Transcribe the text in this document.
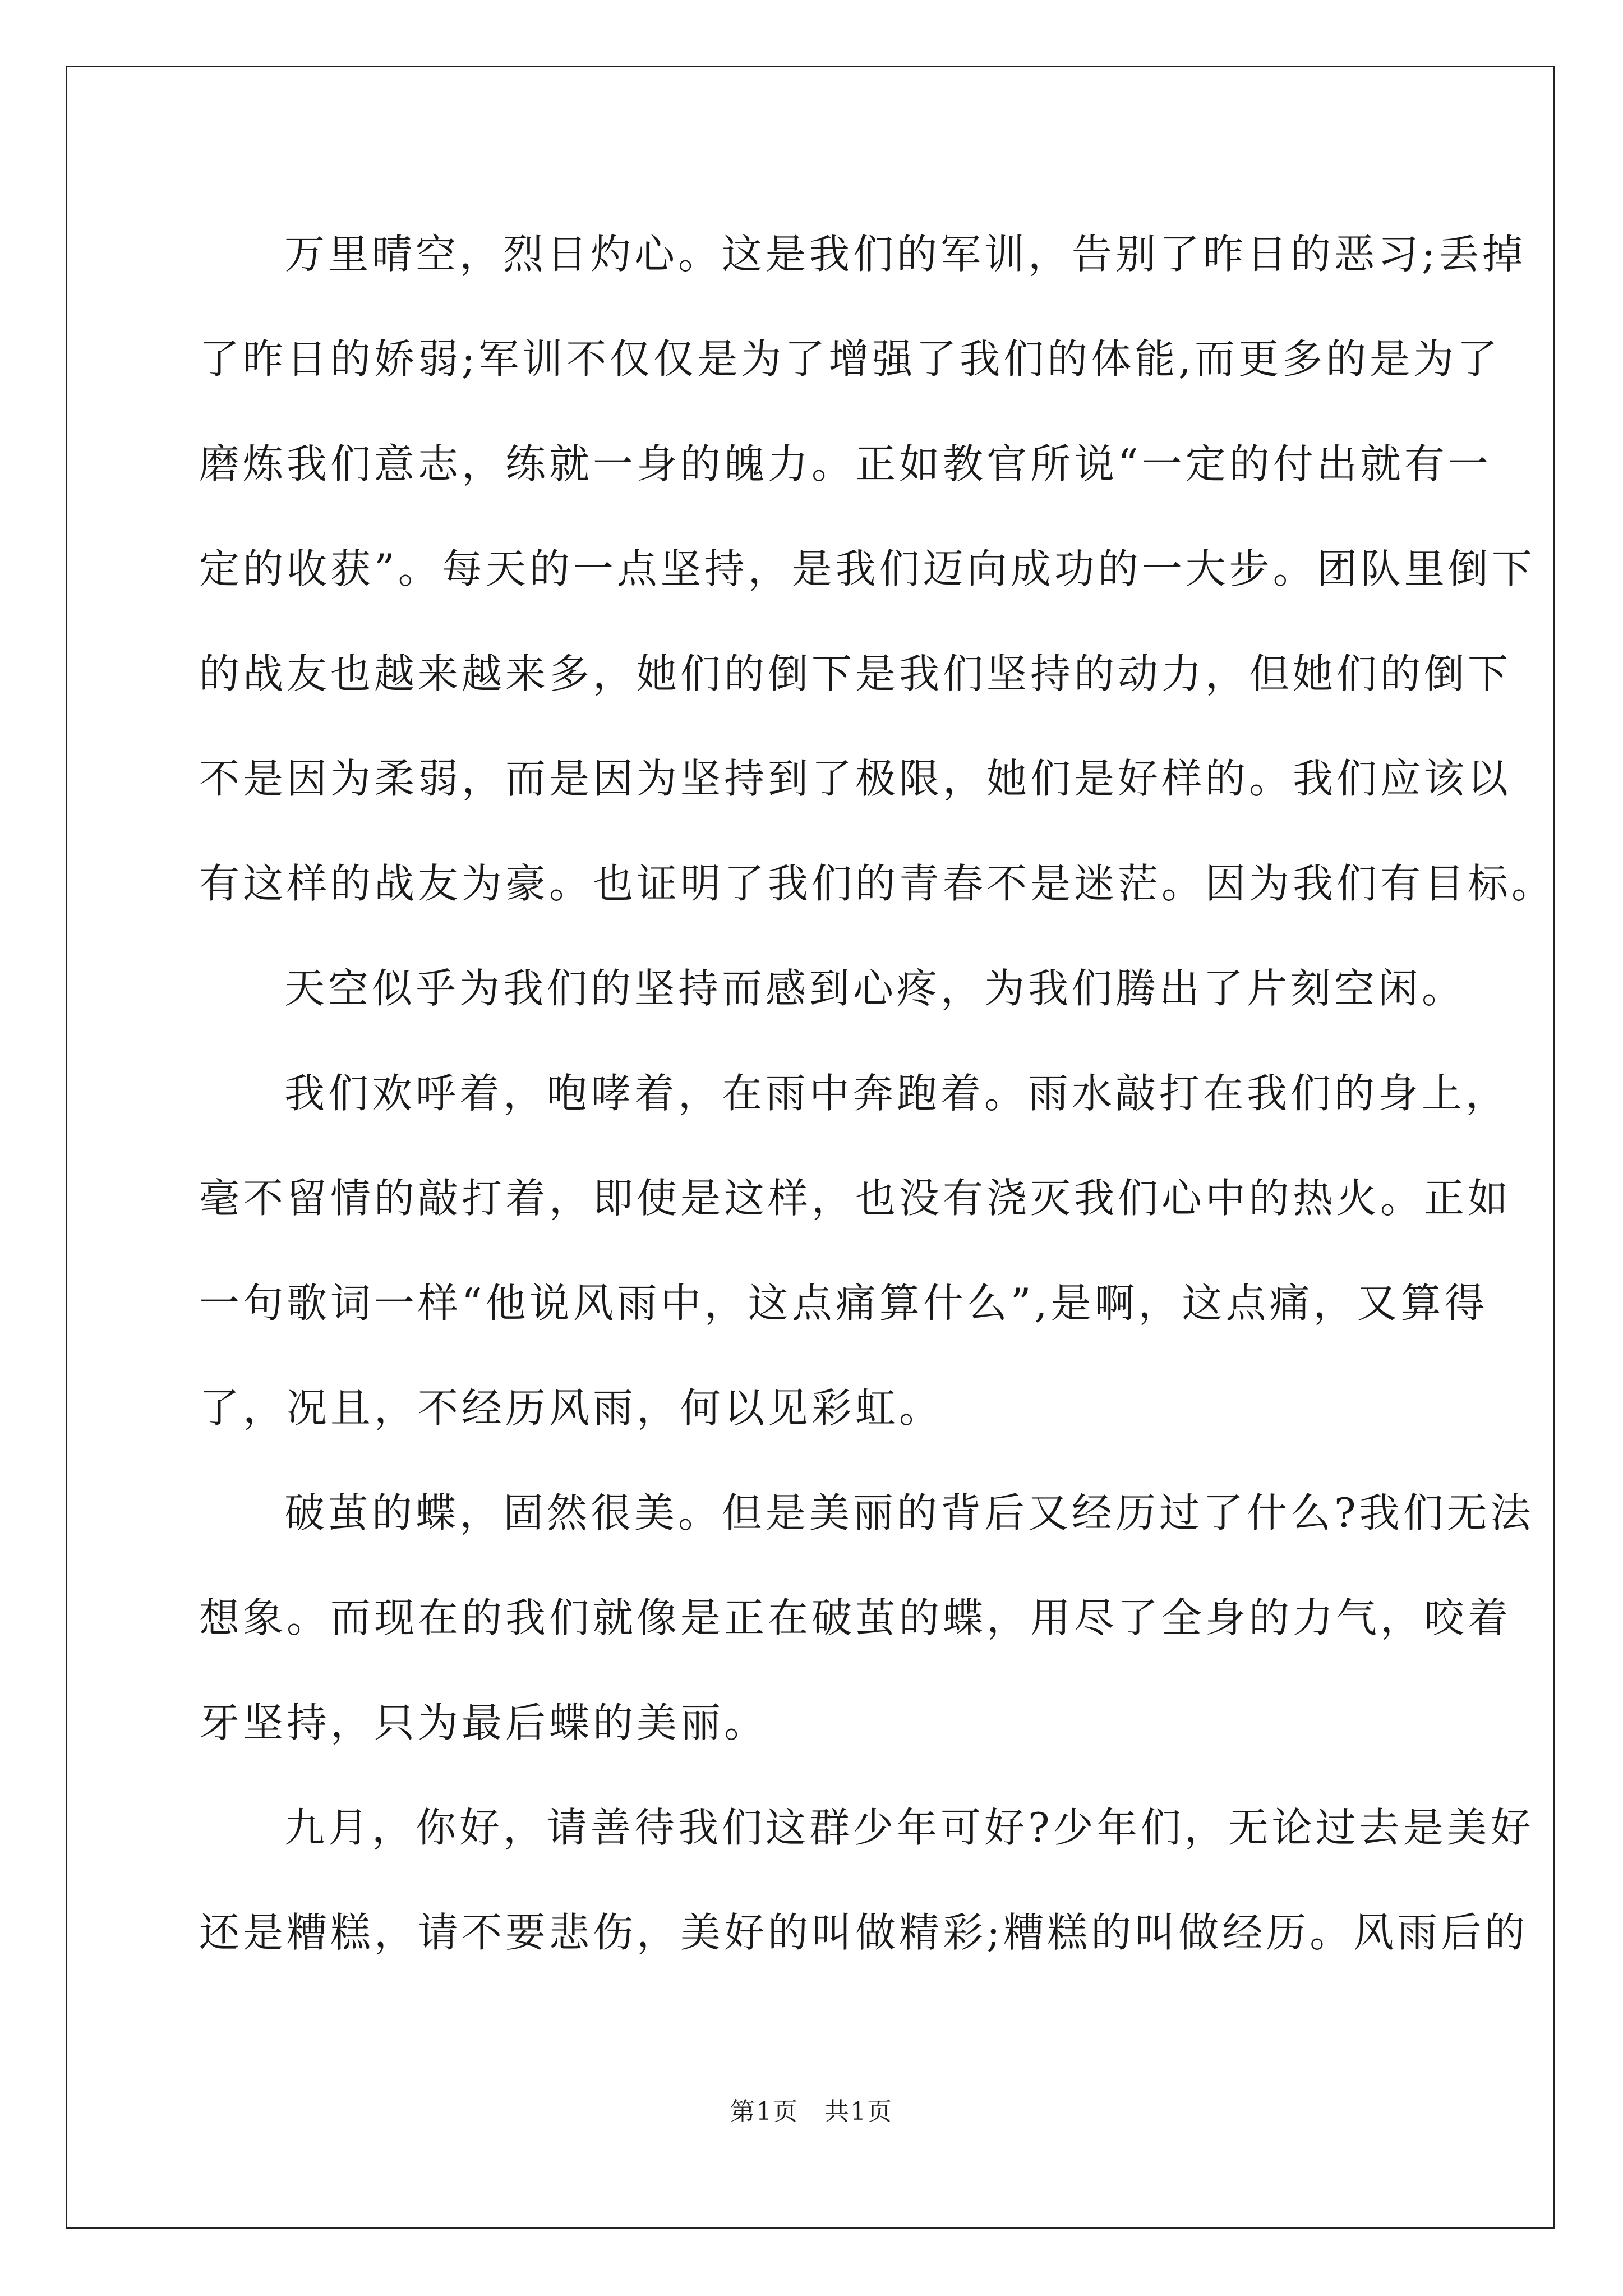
万里晴空，烈日灼心。这是我们的军训，告别了昨日的恶习;丢掉
了昨日的娇弱;军训不仅仅是为了增强了我们的体能,而更多的是为了
磨炼我们意志，练就一身的魄力。正如教官所说“一定的付出就有一
定的收获”。每天的一点坚持，是我们迈向成功的一大步。团队里倒下
的战友也越来越来多，她们的倒下是我们坚持的动力，但她们的倒下
不是因为柔弱，而是因为坚持到了极限，她们是好样的。我们应该以
有这样的战友为豪。也证明了我们的青春不是迷茫。因为我们有目标。
天空似乎为我们的坚持而感到心疼，为我们腾出了片刻空闲。
我们欢呼着，咆哮着，在雨中奔跑着。雨水敲打在我们的身上，
毫不留情的敲打着，即使是这样，也没有浇灭我们心中的热火。正如
一句歌词一样“他说风雨中，这点痛算什么”,是啊，这点痛，又算得
了，况且，不经历风雨，何以见彩虹。
破茧的蝶，固然很美。但是美丽的背后又经历过了什么?我们无法
想象。而现在的我们就像是正在破茧的蝶，用尽了全身的力气，咬着
牙坚持，只为最后蝶的美丽。
九月，你好，请善待我们这群少年可好?少年们，无论过去是美好
还是糟糕，请不要悲伤，美好的叫做精彩;糟糕的叫做经历。风雨后的
第1页　共1页
